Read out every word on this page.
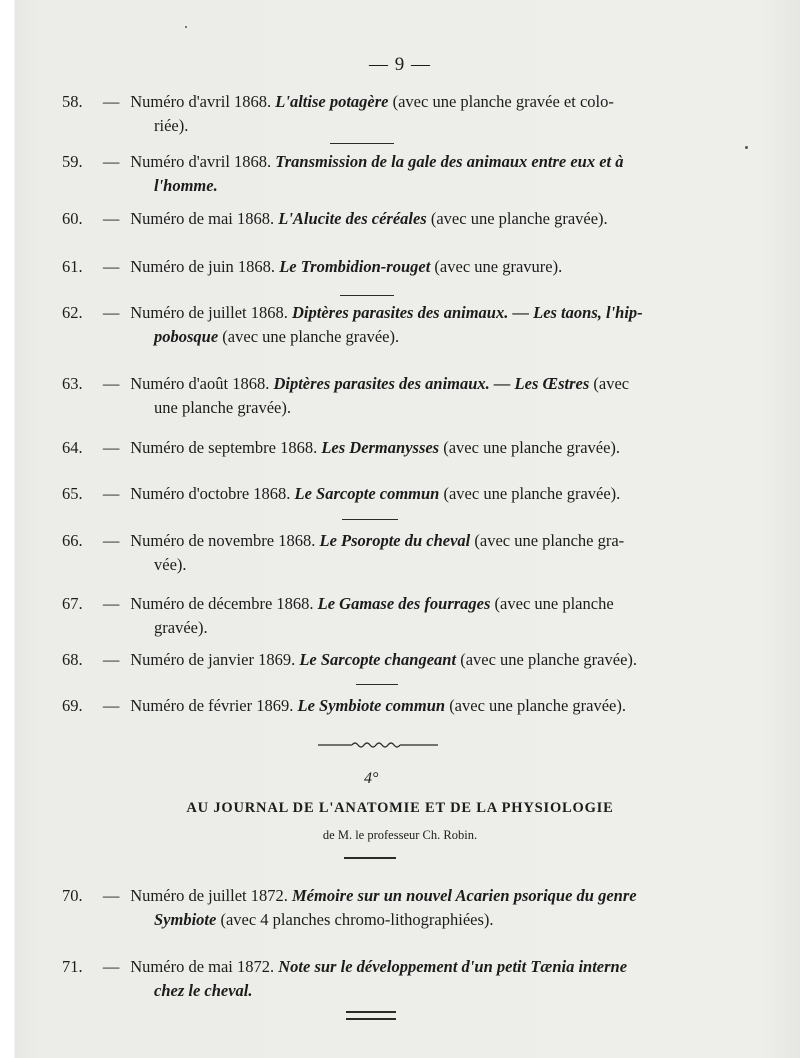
— 9 —
58. — Numéro d'avril 1868. L'altise potagère (avec une planche gravée et colo-
riée).
59. — Numéro d'avril 1868. Transmission de la gale des animaux entre eux et à
l'homme.
60. — Numéro de mai 1868. L'Alucite des céréales (avec une planche gravée).
61. — Numéro de juin 1868. Le Trombidion-rouget (avec une gravure).
62. — Numéro de juillet 1868. Diptères parasites des animaux. — Les taons, l'hip-
pobosque (avec une planche gravée).
63. — Numéro d'août 1868. Diptères parasites des animaux. — Les Œstres (avec
une planche gravée).
64. — Numéro de septembre 1868. Les Dermanysses (avec une planche gravée).
65. — Numéro d'octobre 1868. Le Sarcopte commun (avec une planche gravée).
66. — Numéro de novembre 1868. Le Psoropte du cheval (avec une planche gra-
vée).
67. — Numéro de décembre 1868. Le Gamase des fourrages (avec une planche
gravée).
68. — Numéro de janvier 1869. Le Sarcopte changeant (avec une planche gravée).
69. — Numéro de février 1869. Le Symbiote commun (avec une planche gravée).
4°
AU JOURNAL DE L'ANATOMIE ET DE LA PHYSIOLOGIE
de M. le professeur Ch. Robin.
70. — Numéro de juillet 1872. Mémoire sur un nouvel Acarien psorique du genre
Symbiote (avec 4 planches chromo-lithographiées).
71. — Numéro de mai 1872. Note sur le développement d'un petit Tænia interne
chez le cheval.
